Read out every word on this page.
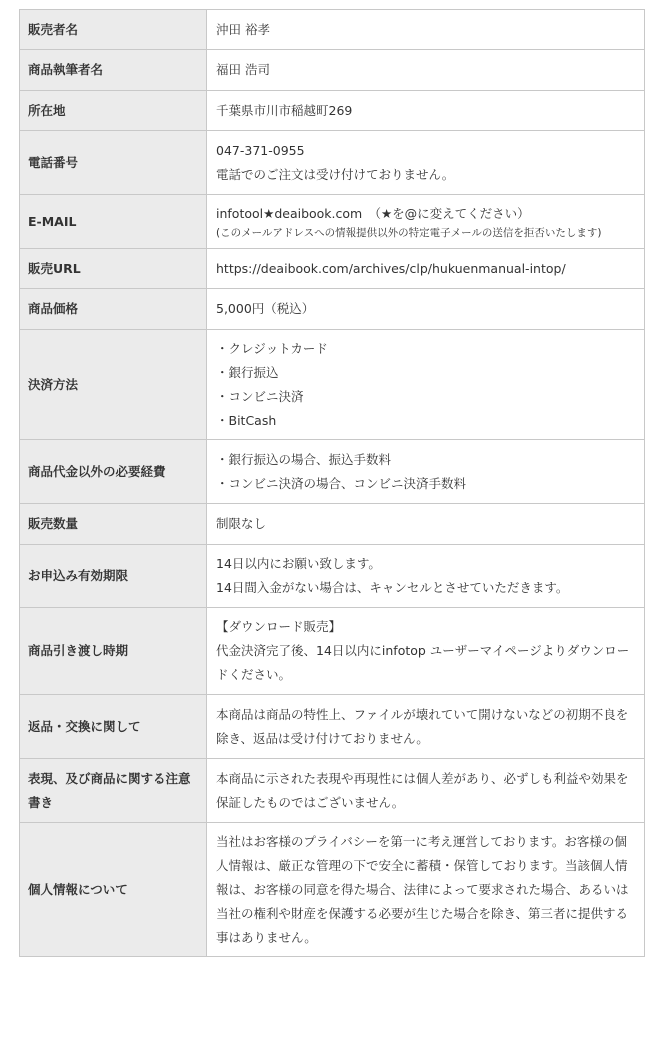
販売者名	沖田 裕孝

商品執筆者名	福田 浩司

所在地	千葉県市川市稲越町269

電話番号	047-371-0955
電話でのご注文は受け付けておりません。

E-MAIL	infotool★deaibook.com　（★を@に変えてください）
(このメールアドレスへの情報提供以外の特定電子メールの送信を拒否いたします)

販売URL	https://deaibook.com/archives/clp/hukuenmanual-intop/

商品価格	5,000円（税込）

決済方法	・クレジットカード
・銀行振込
・コンビニ決済
・BitCash

商品代金以外の必要経費	・銀行振込の場合、振込手数料
・コンビニ決済の場合、コンビニ決済手数料

販売数量	制限なし

お申込み有効期限	14日以内にお願い致します。
14日間入金がない場合は、キャンセルとさせていただきます。

商品引き渡し時期	【ダウンロード販売】
代金決済完了後、14日以内にinfotop ユーザーマイページよりダウンロードください。

返品・交換に関して	本商品は商品の特性上、ファイルが壊れていて開けないなどの初期不良を除き、返品は受け付けておりません。

表現、及び商品に関する注意書き	本商品に示された表現や再現性には個人差があり、必ずしも利益や効果を保証したものではございません。

個人情報について	当社はお客様のプライバシーを第一に考え運営しております。お客様の個人情報は、厳正な管理の下で安全に蓄積・保管しております。当該個人情報は、お客様の同意を得た場合、法律によって要求された場合、あるいは当社の権利や財産を保護する必要が生じた場合を除き、第三者に提供する事はありません。
